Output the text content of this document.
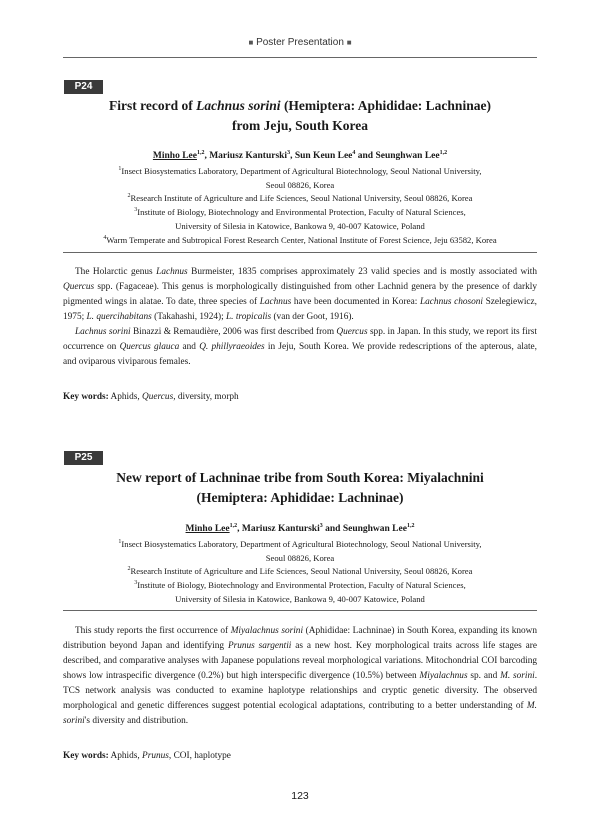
■ Poster Presentation ■
P24
First record of Lachnus sorini (Hemiptera: Aphididae: Lachninae)
from Jeju, South Korea
Minho Lee$^{1,2}$, Mariusz Kanturski$^3$, Sun Keun Lee$^4$ and Seunghwan Lee$^{1,2}$
$^1$Insect Biosystematics Laboratory, Department of Agricultural Biotechnology, Seoul National University,
Seoul 08826, Korea
$^2$Research Institute of Agriculture and Life Sciences, Seoul National University, Seoul 08826, Korea
$^3$Institute of Biology, Biotechnology and Environmental Protection, Faculty of Natural Sciences,
University of Silesia in Katowice, Bankowa 9, 40-007 Katowice, Poland
$^4$Warm Temperate and Subtropical Forest Research Center, National Institute of Forest Science, Jeju 63582, Korea

The Holarctic genus Lachnus Burmeister, 1835 comprises approximately 23 valid species and is mostly associated with Quercus spp. (Fagaceae). This genus is morphologically distinguished from other Lachnid genera by the presence of darkly pigmented wings in alatae. To date, three species of Lachnus have been documented in Korea: Lachnus chosoni Szelegiewicz, 1975; L. quercihabitans (Takahashi, 1924); L. tropicalis (van der Goot, 1916).

Lachnus sorini Binazzi & Remaudière, 2006 was first described from Quercus spp. in Japan. In this study, we report its first occurrence on Quercus glauca and Q. phillyraeoides in Jeju, South Korea. We provide redescriptions of the apterous, alate, and oviparous viviparous females.

Key words: Aphids, Quercus, diversity, morph
P25
New report of Lachninae tribe from South Korea: Miyalachnini
(Hemiptera: Aphididae: Lachninae)
Minho Lee$^{1,2}$, Mariusz Kanturski$^3$ and Seunghwan Lee$^{1,2}$
$^1$Insect Biosystematics Laboratory, Department of Agricultural Biotechnology, Seoul National University,
Seoul 08826, Korea
$^2$Research Institute of Agriculture and Life Sciences, Seoul National University, Seoul 08826, Korea
$^3$Institute of Biology, Biotechnology and Environmental Protection, Faculty of Natural Sciences,
University of Silesia in Katowice, Bankowa 9, 40-007 Katowice, Poland

This study reports the first occurrence of Miyalachnus sorini (Aphididae: Lachninae) in South Korea, expanding its known distribution beyond Japan and identifying Prunus sargentii as a new host. Key morphological traits across life stages are described, and comparative analyses with Japanese populations reveal morphological variations. Mitochondrial COI barcoding shows low intraspecific divergence (0.2%) but high interspecific divergence (10.5%) between Miyalachnus sp. and M. sorini. TCS network analysis was conducted to examine haplotype relationships and cryptic genetic diversity. The observed morphological and genetic differences suggest potential ecological adaptations, contributing to a better understanding of M. sorini's diversity and distribution.

Key words: Aphids, Prunus, COI, haplotype
123
